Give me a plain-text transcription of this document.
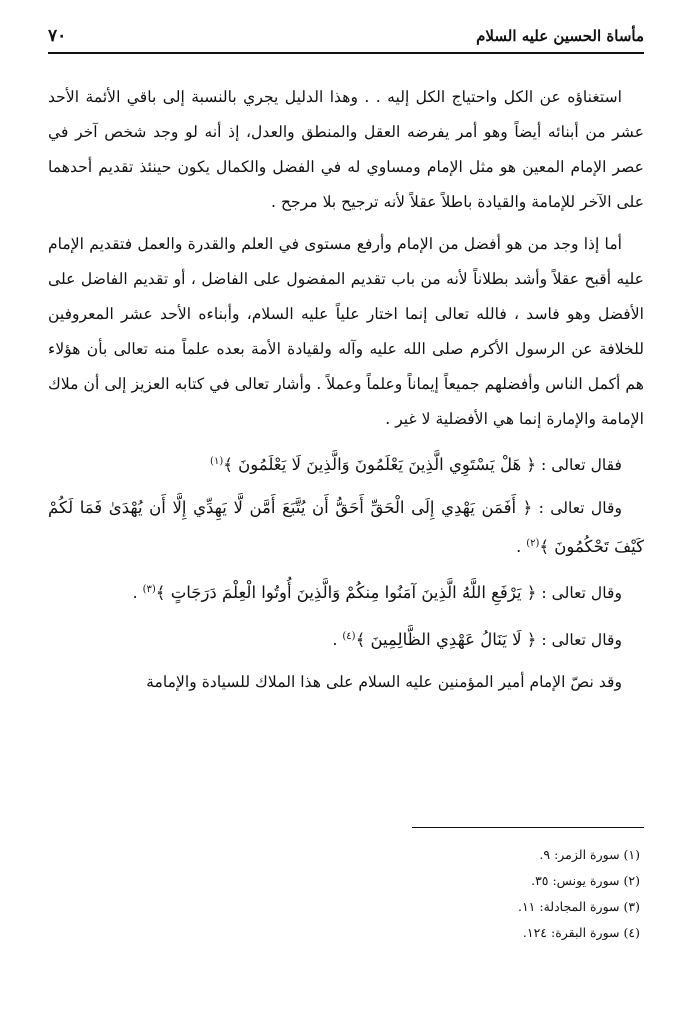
مأساة الحسين عليه السلام
٧٠

استغناؤه عن الكل واحتياج الكل إليه . . وهذا الدليل يجري بالنسبة إلى باقي الأئمة الأحد عشر من أبنائه أيضاً وهو أمر يفرضه العقل والمنطق والعدل، إذ أنه لو وجد شخص آخر في عصر الإمام المعين هو مثل الإمام ومساوي له في الفضل والكمال يكون حينئذ تقديم أحدهما على الآخر للإمامة والقيادة باطلاً عقلاً لأنه ترجيح بلا مرجح .

أما إذا وجد من هو أفضل من الإمام وأرفع مستوى في العلم والقدرة والعمل فتقديم الإمام عليه أقبح عقلاً وأشد بطلاناً لأنه من باب تقديم المفضول على الفاضل ، أو تقديم الفاضل على الأفضل وهو فاسد ، فالله تعالى إنما اختار علياً عليه السلام، وأبناءه الأحد عشر المعروفين للخلافة عن الرسول الأكرم صلى الله عليه وآله ولقيادة الأمة بعده علماً منه تعالى بأن هؤلاء هم أكمل الناس وأفضلهم جميعاً إيماناً وعلماً وعملاً . وأشار تعالى في كتابه العزيز إلى أن ملاك الإمامة والإمارة إنما هي الأفضلية لا غير .

فقال تعالى : ﴿ هَلْ يَسْتَوِي الَّذِينَ يَعْلَمُونَ وَالَّذِينَ لَا يَعْلَمُونَ ﴾$^{(١)}$

وقال تعالى : ﴿ أَفَمَن يَهْدِي إِلَى الْحَقِّ أَحَقُّ أَن يُتَّبَعَ أَمَّن لَّا يَهِدِّي إِلَّا أَن يُهْدَىٰ فَمَا لَكُمْ كَيْفَ تَحْكُمُونَ ﴾$^{(٢)}$ .

وقال تعالى : ﴿ يَرْفَعِ اللَّهُ الَّذِينَ آمَنُوا مِنكُمْ وَالَّذِينَ أُوتُوا الْعِلْمَ دَرَجَاتٍ ﴾$^{(٣)}$ .

وقال تعالى : ﴿ لَا يَنَالُ عَهْدِي الظَّالِمِينَ ﴾$^{(٤)}$ .

وقد نصّ الإمام أمير المؤمنين عليه السلام على هذا الملاك للسيادة والإمامة

(١) سورة الزمر: ٩.
(٢) سورة يونس: ٣٥.
(٣) سورة المجادلة: ١١.
(٤) سورة البقرة: ١٢٤.
